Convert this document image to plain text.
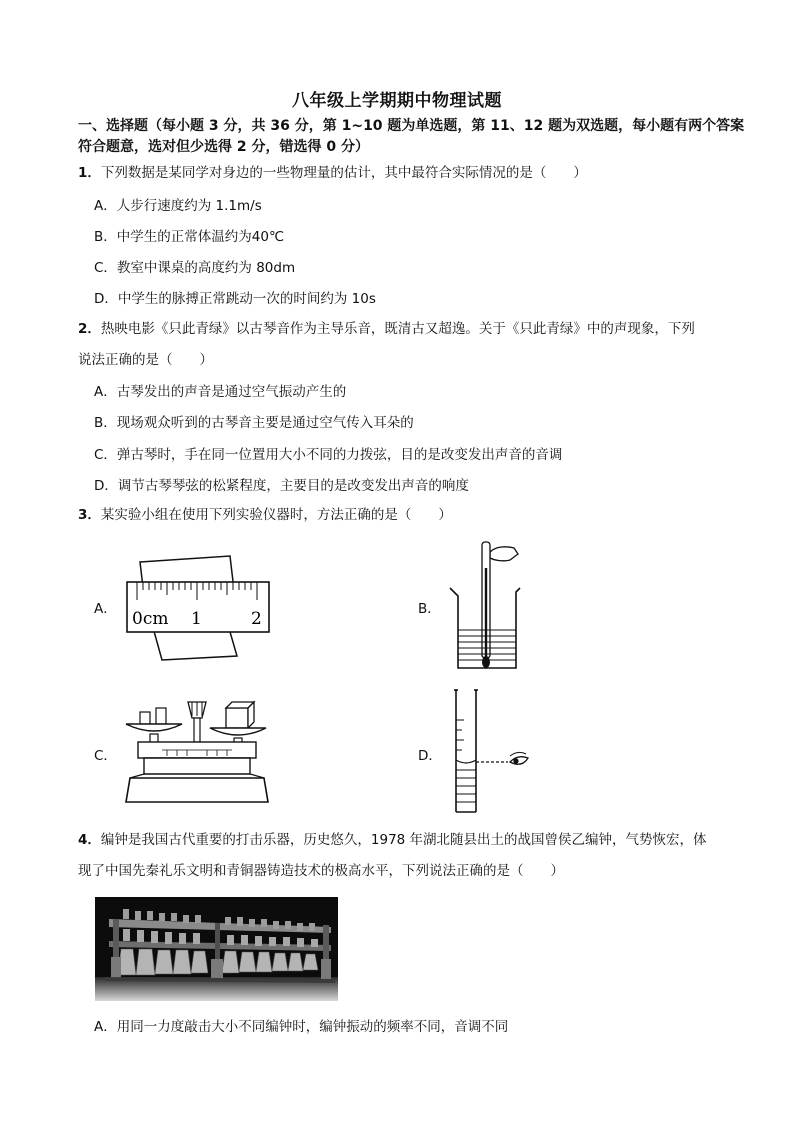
八年级上学期期中物理试题
一、选择题（每小题 3 分，共 36 分，第 1~10 题为单选题，第 11、12 题为双选题，每小题有两个答案符合题意，选对但少选得 2 分，错选得 0 分）
1．下列数据是某同学对身边的一些物理量的估计，其中最符合实际情况的是（　　）
A．人步行速度约为 1.1m/s
B．中学生的正常体温约为40℃
C．教室中课桌的高度约为 80dm
D．中学生的脉搏正常跳动一次的时间约为 10s
2．热映电影《只此青绿》以古琴音作为主导乐音，既清古又超逸。关于《只此青绿》中的声现象，下列
说法正确的是（　　）
A．古琴发出的声音是通过空气振动产生的
B．现场观众听到的古琴音主要是通过空气传入耳朵的
C．弹古琴时，手在同一位置用大小不同的力拨弦，目的是改变发出声音的音调
D．调节古琴琴弦的松紧程度，主要目的是改变发出声音的响度
3．某实验小组在使用下列实验仪器时，方法正确的是（　　）
A． 0cm 1	2	B．
C．	D．
4．编钟是我国古代重要的打击乐器，历史悠久，1978 年湖北随县出土的战国曾侯乙编钟，气势恢宏，体
现了中国先秦礼乐文明和青铜器铸造技术的极高水平，下列说法正确的是（　　）
A．用同一力度敲击大小不同编钟时，编钟振动的频率不同，音调不同
